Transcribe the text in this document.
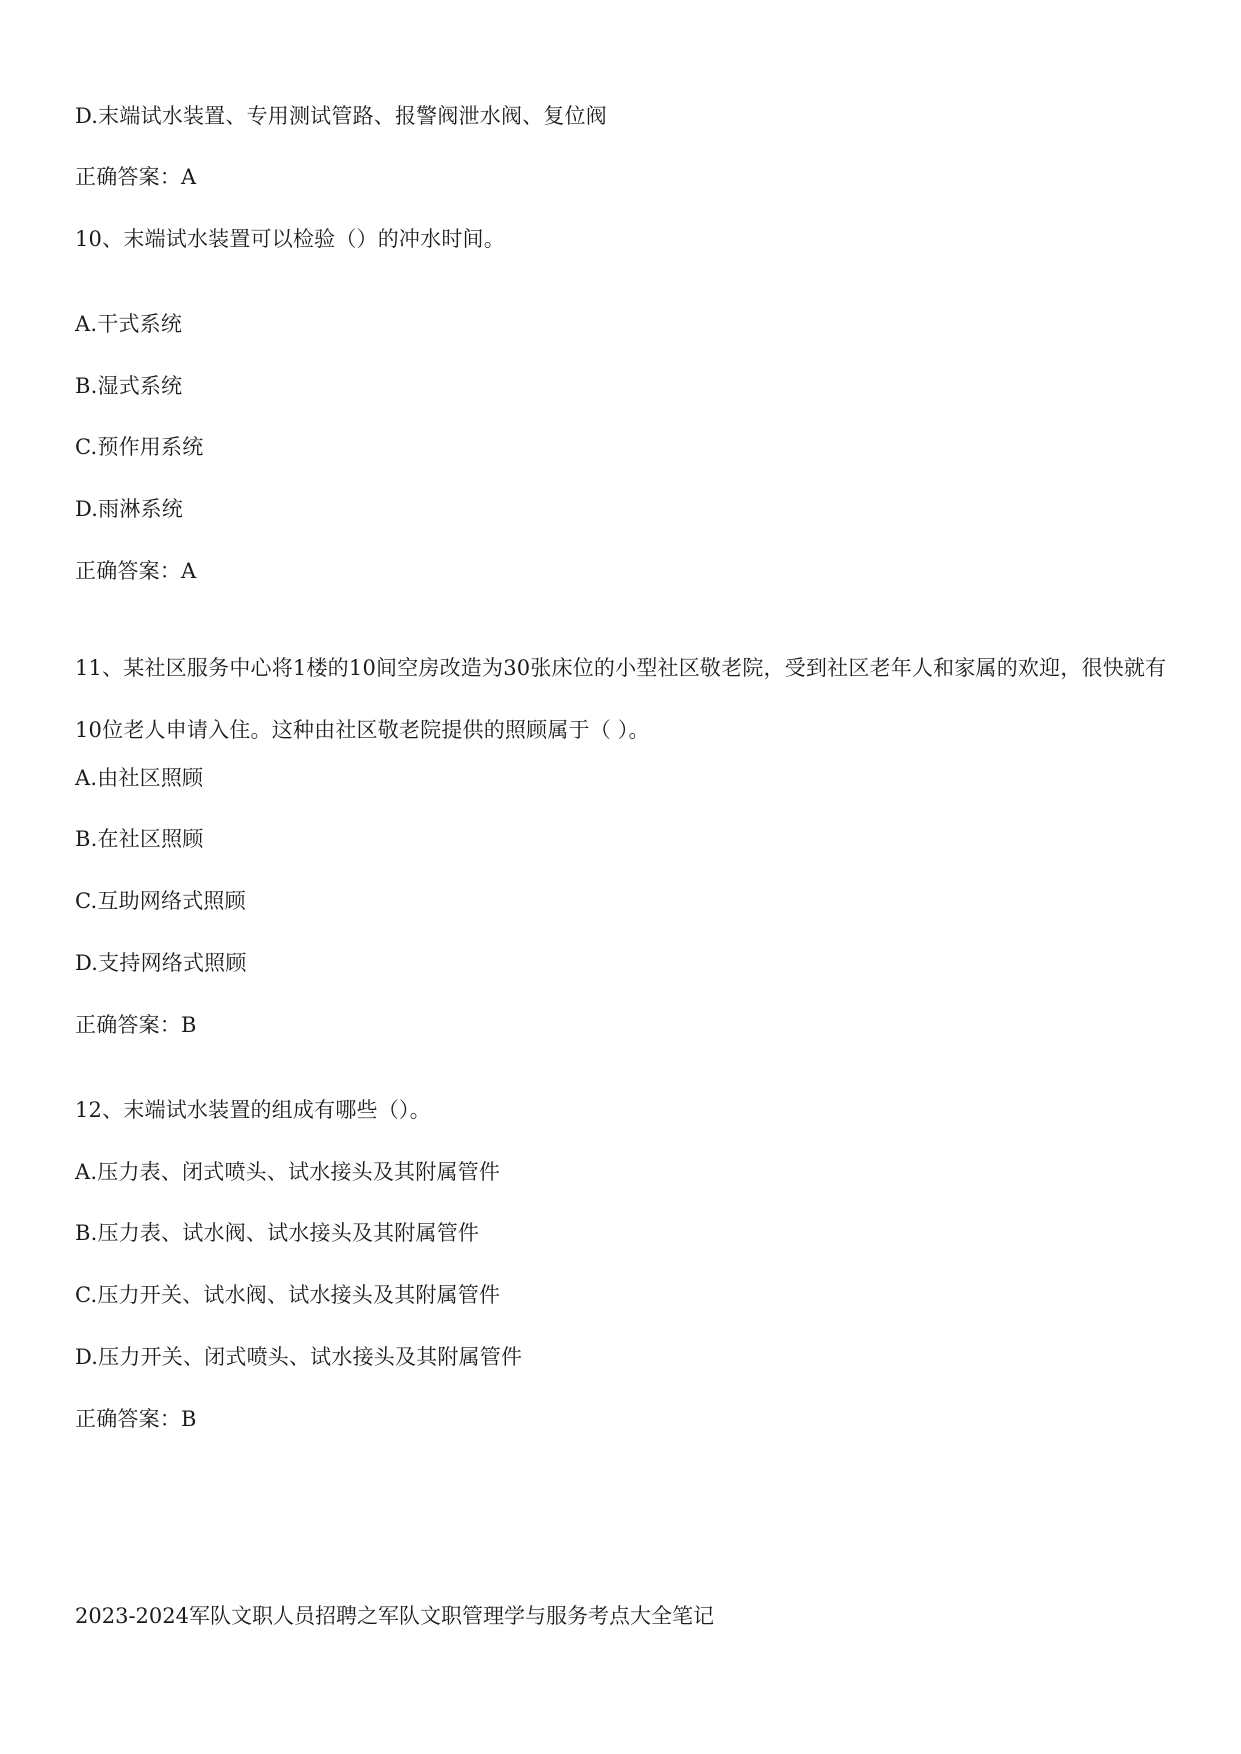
D.末端试水装置、专用测试管路、报警阀泄水阀、复位阀
正确答案：A
10、末端试水装置可以检验（）的冲水时间。
A.干式系统
B.湿式系统
C.预作用系统
D.雨淋系统
正确答案：A
11、某社区服务中心将1楼的10间空房改造为30张床位的小型社区敬老院，受到社区老年人和家属的欢迎，很快就有10位老人申请入住。这种由社区敬老院提供的照顾属于（ ）。
A.由社区照顾
B.在社区照顾
C.互助网络式照顾
D.支持网络式照顾
正确答案：B
12、末端试水装置的组成有哪些（）。
A.压力表、闭式喷头、试水接头及其附属管件
B.压力表、试水阀、试水接头及其附属管件
C.压力开关、试水阀、试水接头及其附属管件
D.压力开关、闭式喷头、试水接头及其附属管件
正确答案：B
2023-2024军队文职人员招聘之军队文职管理学与服务考点大全笔记
